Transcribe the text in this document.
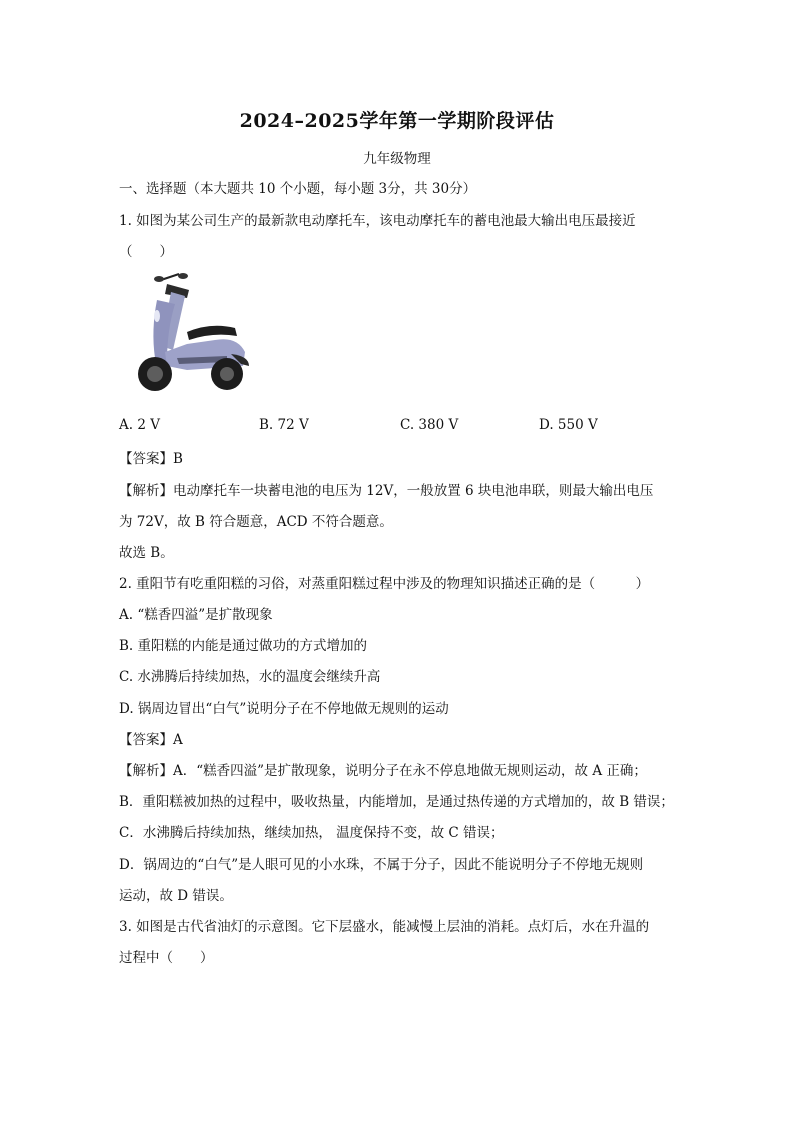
2024–2025学年第一学期阶段评估
九年级物理
一、选择题（本大题共 10 个小题，每小题 3分，共 30分）
1. 如图为某公司生产的最新款电动摩托车，该电动摩托车的蓄电池最大输出电压最接近
（　　）
A. 2 V	B. 72 V	C. 380 V	D. 550 V
【答案】B
【解析】电动摩托车一块蓄电池的电压为 12V，一般放置 6 块电池串联，则最大输出电压
为 72V，故 B 符合题意，ACD 不符合题意。
故选 B。
2. 重阳节有吃重阳糕的习俗，对蒸重阳糕过程中涉及的物理知识描述正确的是（　　　）
A. “糕香四溢”是扩散现象
B. 重阳糕的内能是通过做功的方式增加的
C. 水沸腾后持续加热，水的温度会继续升高
D. 锅周边冒出“白气”说明分子在不停地做无规则的运动
【答案】A
【解析】A．“糕香四溢”是扩散现象，说明分子在永不停息地做无规则运动，故 A 正确；
B．重阳糕被加热的过程中，吸收热量，内能增加，是通过热传递的方式增加的，故 B 错误；
C．水沸腾后持续加热，继续加热， 温度保持不变，故 C 错误；
D．锅周边的“白气”是人眼可见的小水珠，不属于分子，因此不能说明分子不停地无规则
运动，故 D 错误。
3. 如图是古代省油灯的示意图。它下层盛水，能减慢上层油的消耗。点灯后，水在升温的
过程中（　　）
